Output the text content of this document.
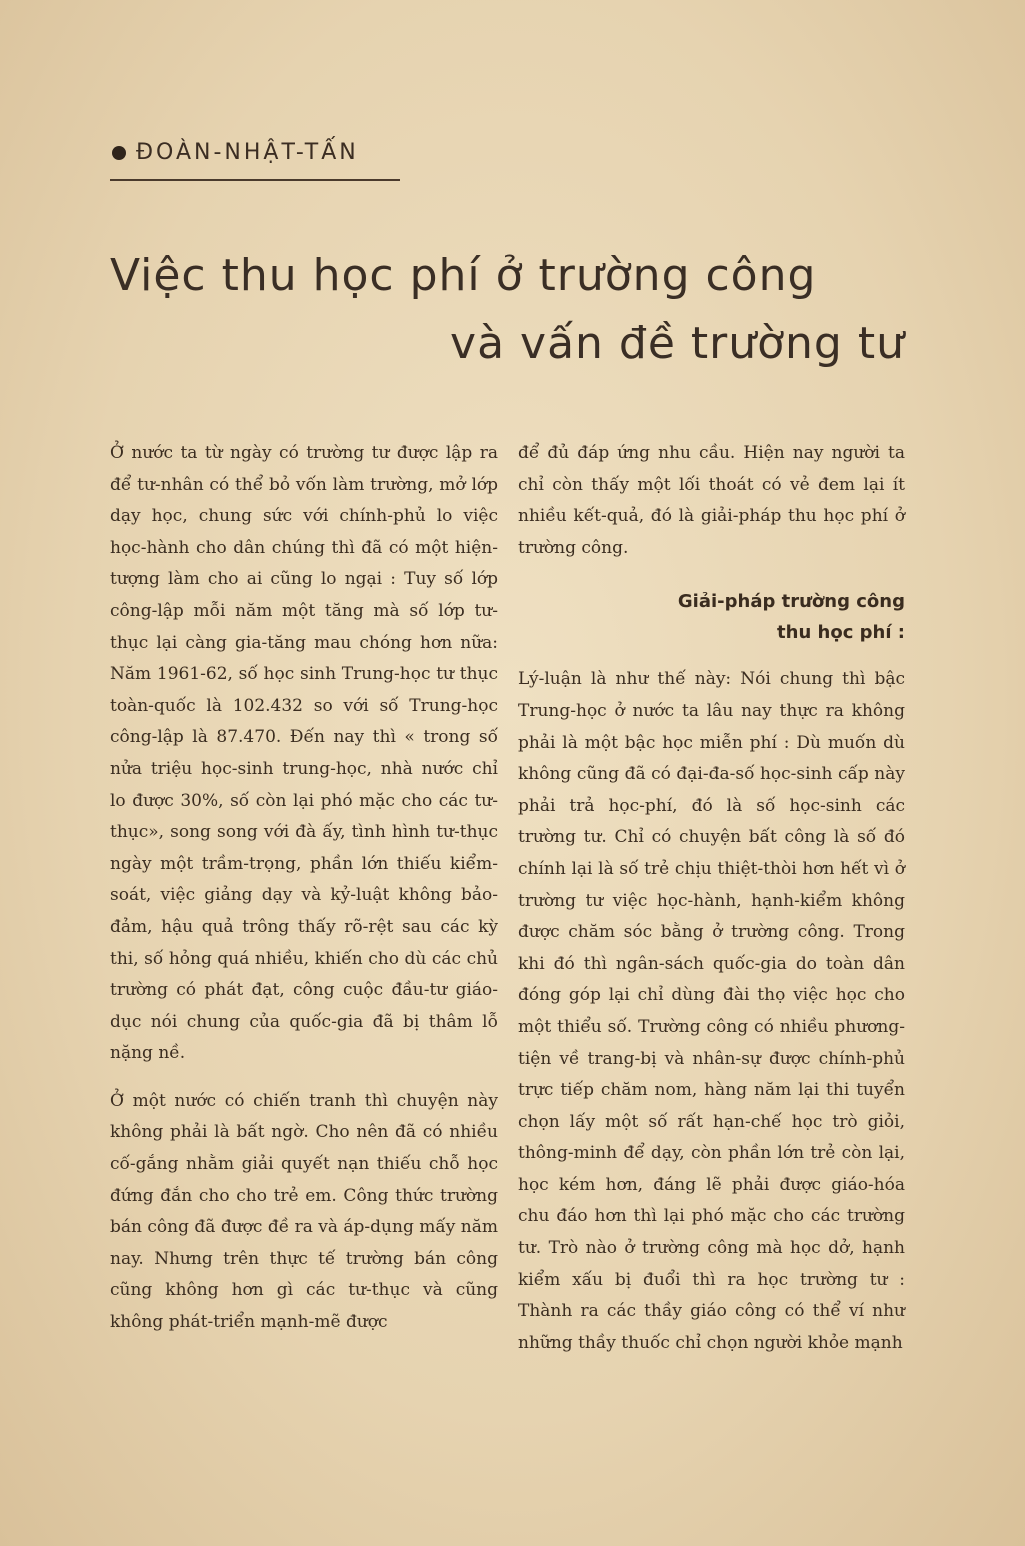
ĐOÀN-NHẬT-TẤN
Việc thu học phí ở trường công
và vấn đề trường tư

Ở nước ta từ ngày có trường tư được lập ra để tư-nhân có thể bỏ vốn làm trường, mở lớp dạy học, chung sức với chính-phủ lo việc học-hành cho dân chúng thì đã có một hiện-tượng làm cho ai cũng lo ngại : Tuy số lớp công-lập mỗi năm một tăng mà số lớp tư-thục lại càng gia-tăng mau chóng hơn nữa: Năm 1961-62, số học sinh Trung-học tư thục toàn-quốc là 102.432 so với số Trung-học công-lập là 87.470. Đến nay thì « trong số nửa triệu học-sinh trung-học, nhà nước chỉ lo được 30%, số còn lại phó mặc cho các tư-thục», song song với đà ấy, tình hình tư-thục ngày một trầm-trọng, phần lớn thiếu kiểm-soát, việc giảng dạy và kỷ-luật không bảo-đảm, hậu quả trông thấy rõ-rệt sau các kỳ thi, số hỏng quá nhiều, khiến cho dù các chủ trường có phát đạt, công cuộc đầu-tư giáo-dục nói chung của quốc-gia đã bị thâm lỗ nặng nề.

Ở một nước có chiến tranh thì chuyện này không phải là bất ngờ. Cho nên đã có nhiều cố-gắng nhằm giải quyết nạn thiếu chỗ học đứng đắn cho cho trẻ em. Công thức trường bán công đã được đề ra và áp-dụng mấy năm nay. Nhưng trên thực tế trường bán công cũng không hơn gì các tư-thục và cũng không phát-triển mạnh-mẽ được

để đủ đáp ứng nhu cầu. Hiện nay người ta chỉ còn thấy một lối thoát có vẻ đem lại ít nhiều kết-quả, đó là giải-pháp thu học phí ở trường công.

Giải-pháp trường công
thu học phí :

Lý-luận là như thế này: Nói chung thì bậc Trung-học ở nước ta lâu nay thực ra không phải là một bậc học miễn phí : Dù muốn dù không cũng đã có đại-đa-số học-sinh cấp này phải trả học-phí, đó là số học-sinh các trường tư. Chỉ có chuyện bất công là số đó chính lại là số trẻ chịu thiệt-thòi hơn hết vì ở trường tư việc học-hành, hạnh-kiểm không được chăm sóc bằng ở trường công. Trong khi đó thì ngân-sách quốc-gia do toàn dân đóng góp lại chỉ dùng đài thọ việc học cho một thiểu số. Trường công có nhiều phương-tiện về trang-bị và nhân-sự được chính-phủ trực tiếp chăm nom, hàng năm lại thi tuyển chọn lấy một số rất hạn-chế học trò giỏi, thông-minh để dạy, còn phần lớn trẻ còn lại, học kém hơn, đáng lẽ phải được giáo-hóa chu đáo hơn thì lại phó mặc cho các trường tư. Trò nào ở trường công mà học dở, hạnh kiểm xấu bị đuổi thì ra học trường tư : Thành ra các thầy giáo công có thể ví như những thầy thuốc chỉ chọn người khỏe mạnh
